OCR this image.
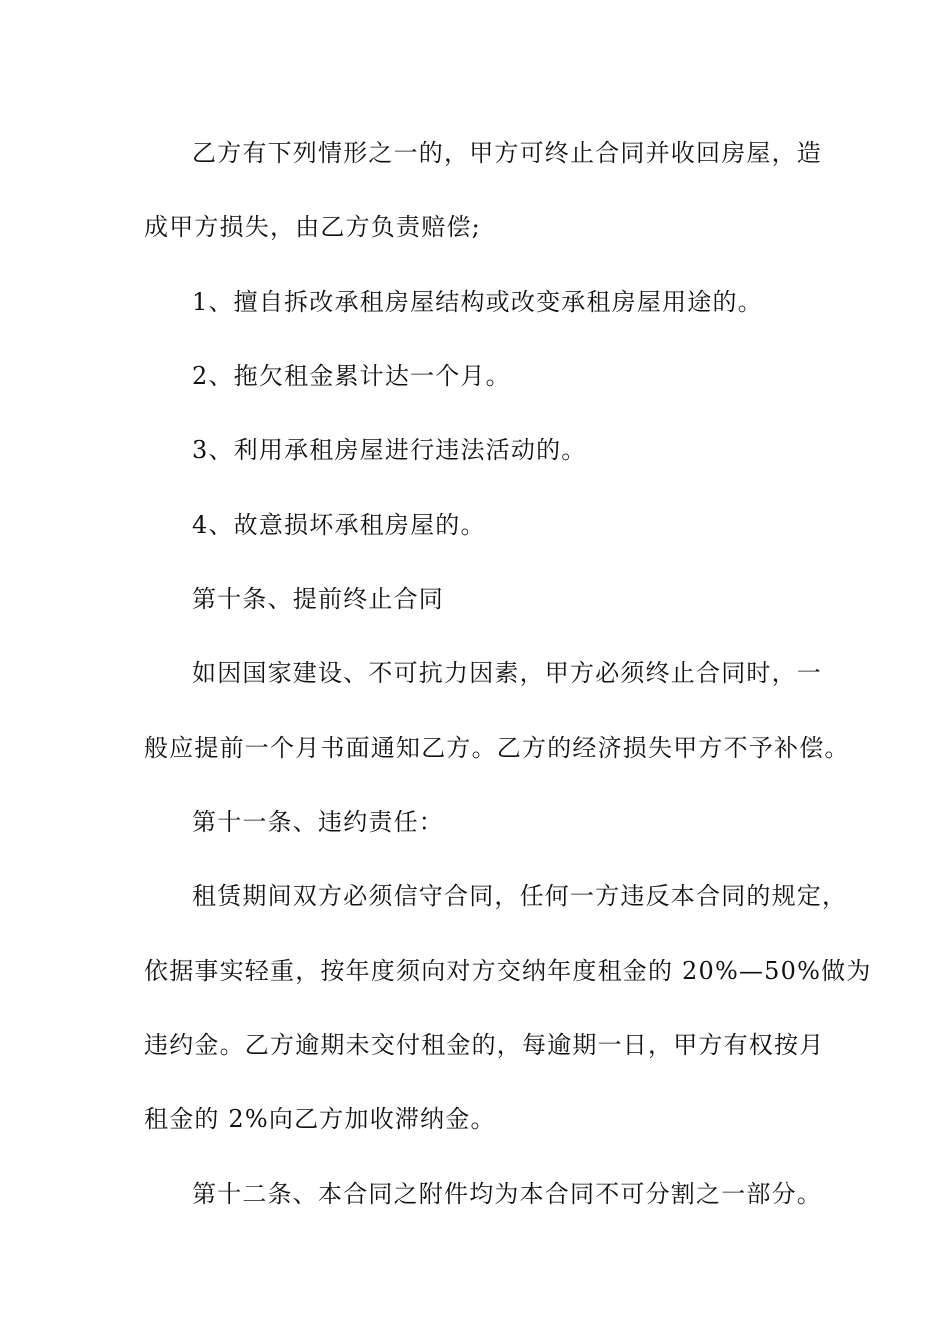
乙方有下列情形之一的，甲方可终止合同并收回房屋，造
成甲方损失，由乙方负责赔偿;
1、擅自拆改承租房屋结构或改变承租房屋用途的。
2、拖欠租金累计达一个月。
3、利用承租房屋进行违法活动的。
4、故意损坏承租房屋的。
第十条、提前终止合同
如因国家建设、不可抗力因素，甲方必须终止合同时，一
般应提前一个月书面通知乙方。乙方的经济损失甲方不予补偿。
第十一条、违约责任：
租赁期间双方必须信守合同，任何一方违反本合同的规定，
依据事实轻重，按年度须向对方交纳年度租金的 20%—50%做为
违约金。乙方逾期未交付租金的，每逾期一日，甲方有权按月
租金的 2%向乙方加收滞纳金。
第十二条、本合同之附件均为本合同不可分割之一部分。
